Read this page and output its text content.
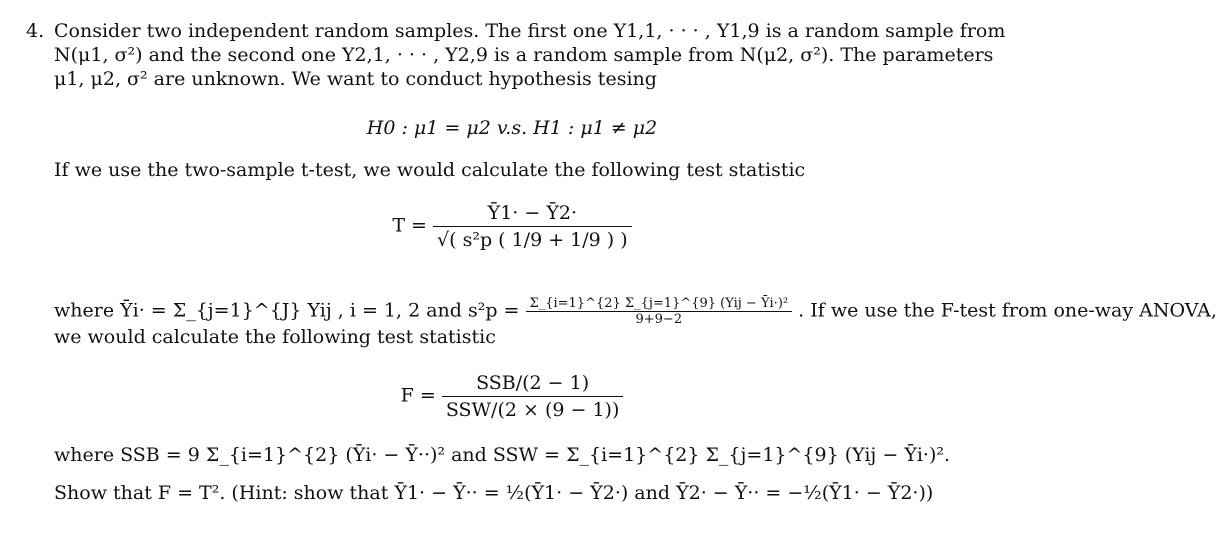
4. Consider two independent random samples. The first one Y1,1, · · · , Y1,9 is a random sample from
N(μ1, σ²) and the second one Y2,1, · · · , Y2,9 is a random sample from N(μ2, σ²). The parameters
μ1, μ2, σ² are unknown. We want to conduct hypothesis tesing
H0 : μ1 = μ2 v.s. H1 : μ1 ≠ μ2
If we use the two-sample t-test, we would calculate the following test statistic
$T = \frac{Ȳ1\cdot - Ȳ2\cdot}{\text{√( s²p ( 1/9 + 1/9 ) )}}$
where Ȳi· = Σ_{j=1}^{J} Yij , i = 1, 2 and $s^2p = \frac{\text{Σ\_\{i=1\}\textasciicircum{}\{2\} Σ\_\{j=1\}\textasciicircum{}\{9\} (Yij − Ȳi·)²}}{9+9-2}$ . If we use the F-test from one-way ANOVA,
we would calculate the following test statistic
$F = \frac{\text{SSB/(2 − 1)}}{\text{SSW/(2 × (9 − 1))}}$
where SSB = 9 Σ_{i=1}^{2} (Ȳi· − Ȳ··)² and SSW = Σ_{i=1}^{2} Σ_{j=1}^{9} (Yij − Ȳi·)².
Show that F = T². (Hint: show that Ȳ1· − Ȳ·· = ½(Ȳ1· − Ȳ2·) and Ȳ2· − Ȳ·· = −½(Ȳ1· − Ȳ2·))
